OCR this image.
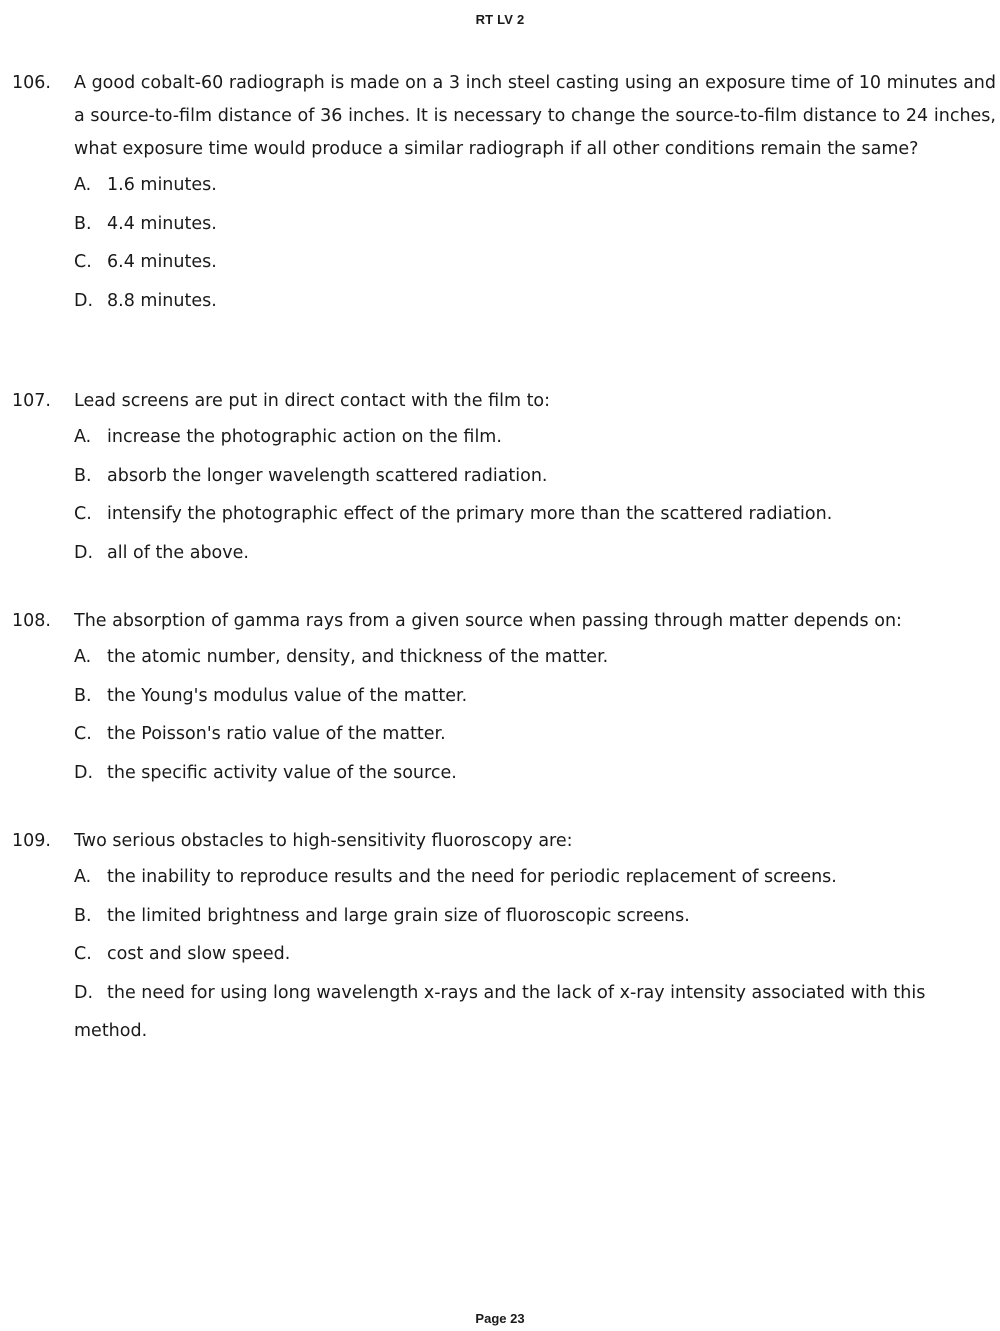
RT LV 2
106. A good cobalt-60 radiograph is made on a 3 inch steel casting using an exposure time of 10 minutes and a source-to-film distance of 36 inches. It is necessary to change the source-to-film distance to 24 inches, what exposure time would produce a similar radiograph if all other conditions remain the same?
A. 1.6 minutes.
B. 4.4 minutes.
C. 6.4 minutes.
D. 8.8 minutes.
107. Lead screens are put in direct contact with the film to:
A. increase the photographic action on the film.
B. absorb the longer wavelength scattered radiation.
C. intensify the photographic effect of the primary more than the scattered radiation.
D. all of the above.
108. The absorption of gamma rays from a given source when passing through matter depends on:
A. the atomic number, density, and thickness of the matter.
B. the Young's modulus value of the matter.
C. the Poisson's ratio value of the matter.
D. the specific activity value of the source.
109. Two serious obstacles to high-sensitivity fluoroscopy are:
A. the inability to reproduce results and the need for periodic replacement of screens.
B. the limited brightness and large grain size of fluoroscopic screens.
C. cost and slow speed.
D. the need for using long wavelength x-rays and the lack of x-ray intensity associated with this method.
Page 23
